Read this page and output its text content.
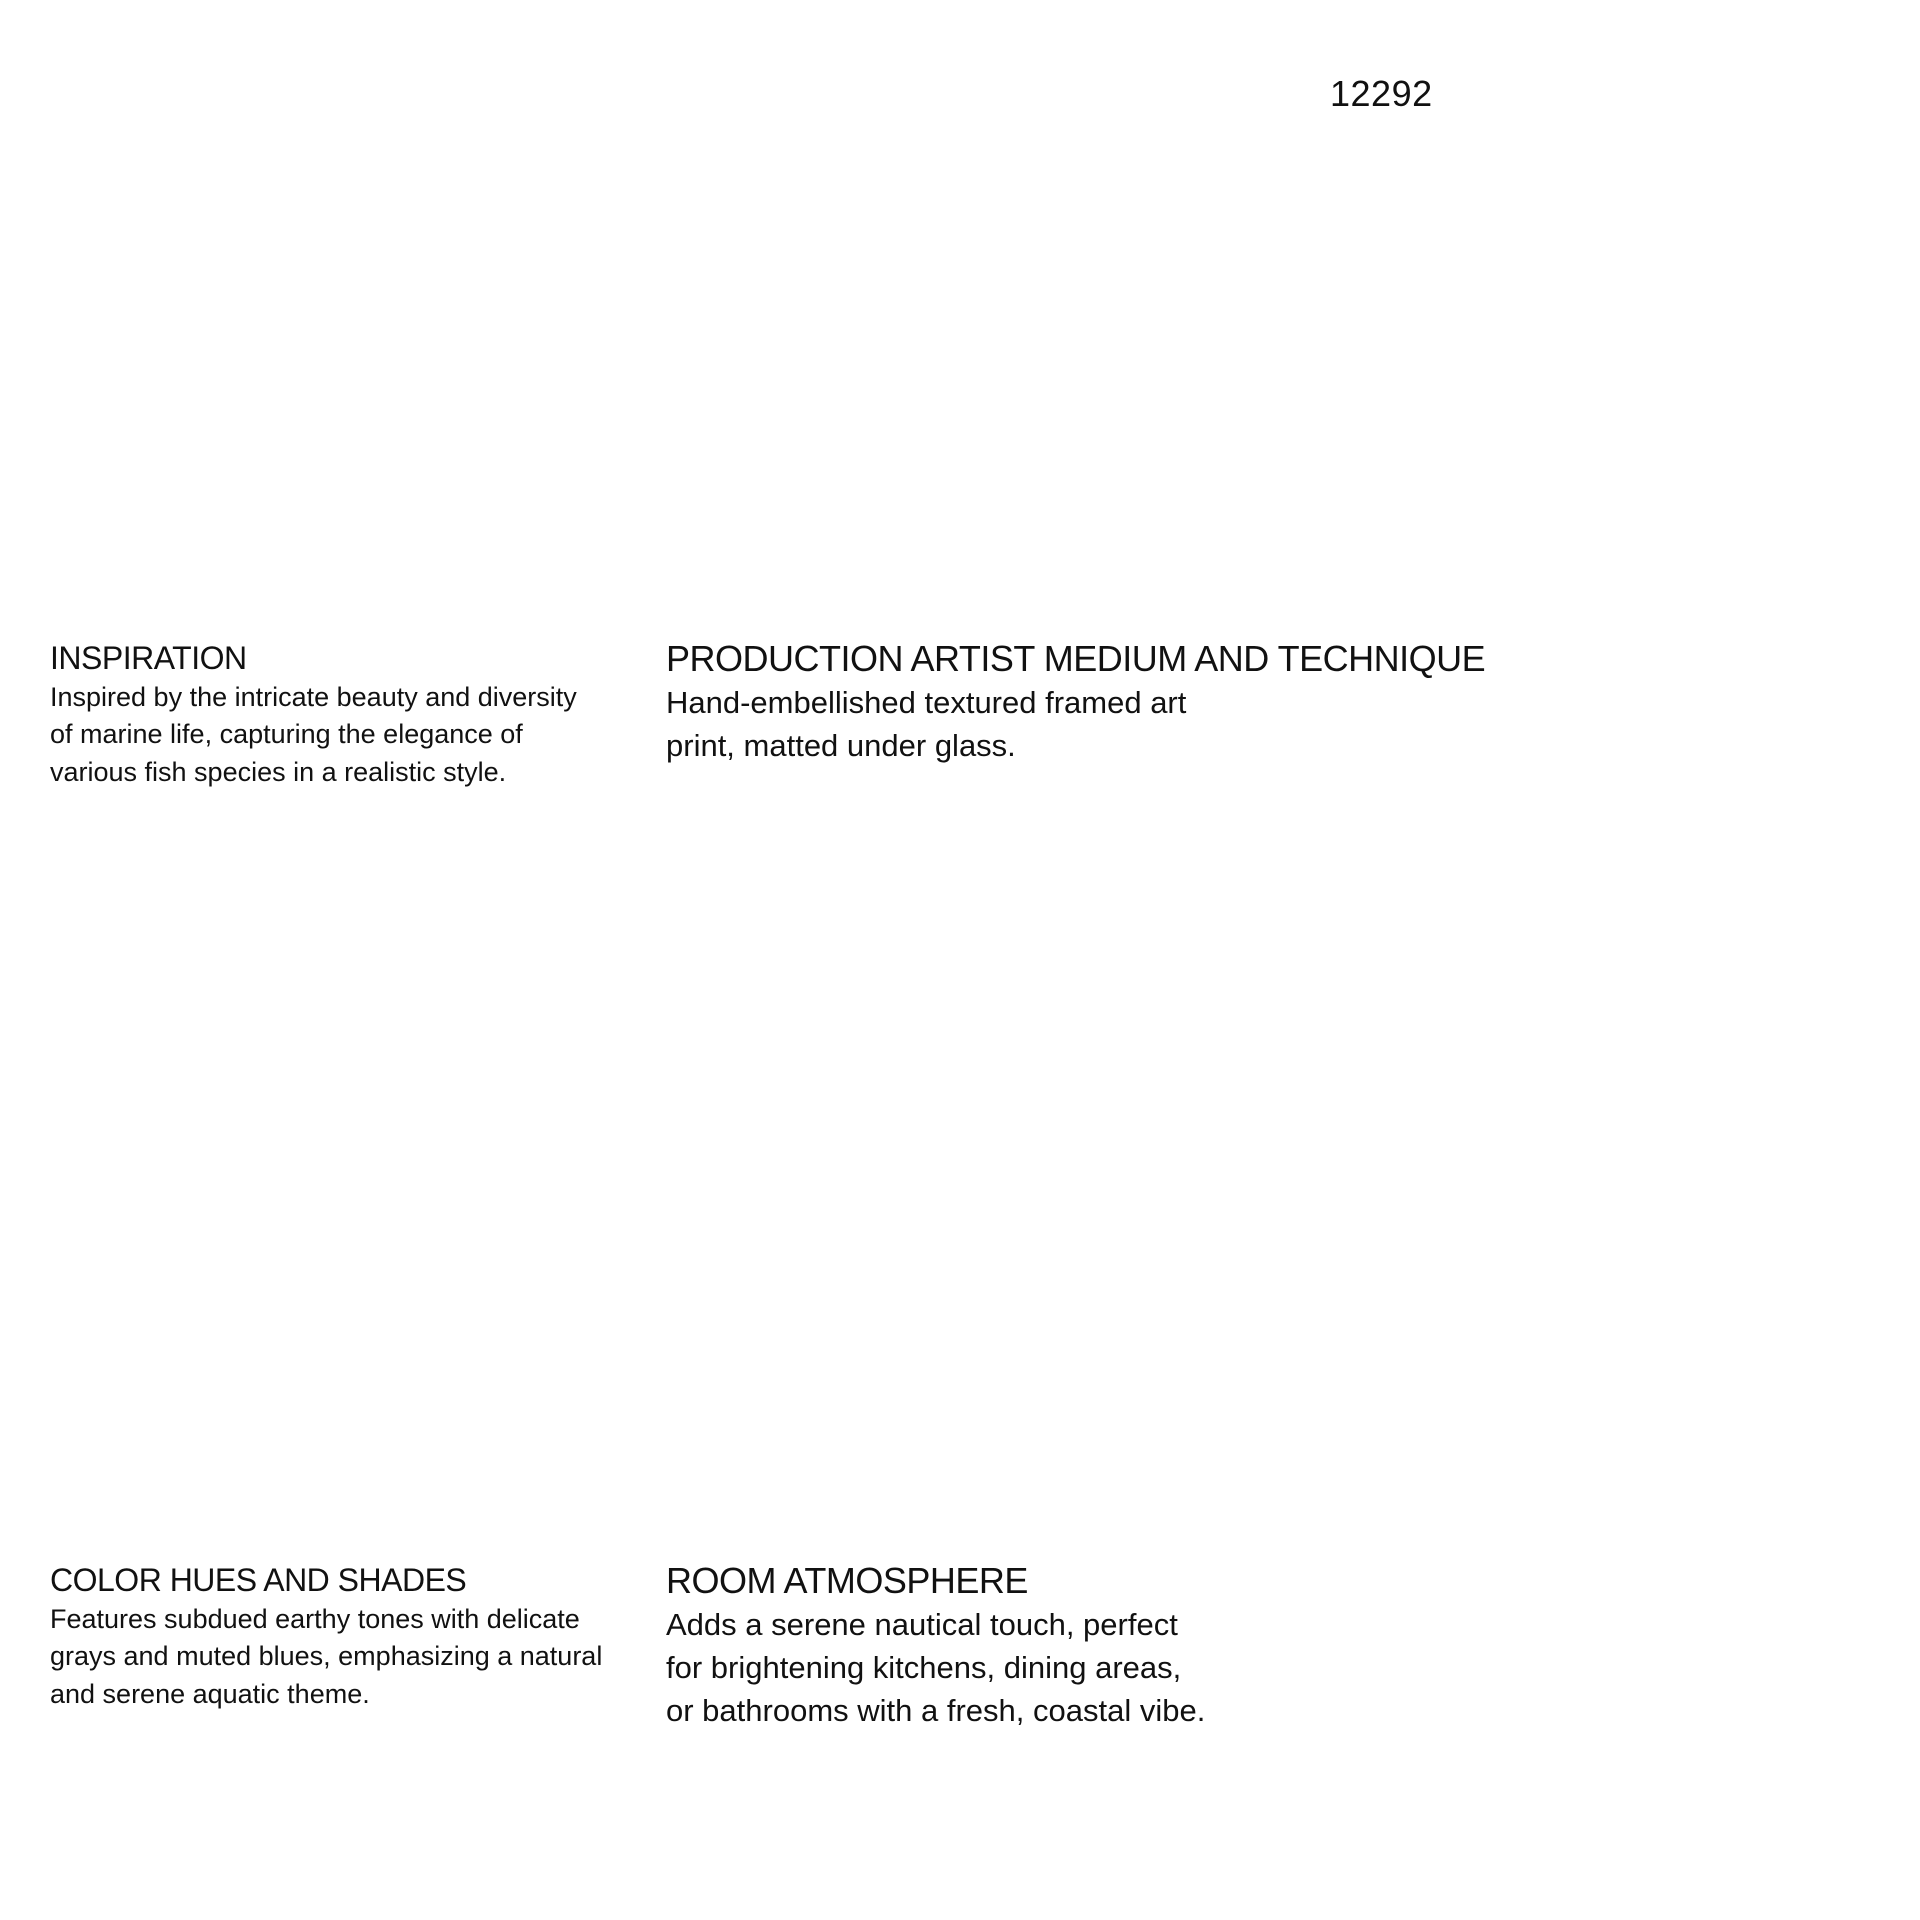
12292
INSPIRATION

Inspired by the intricate beauty and diversity
of marine life, capturing the elegance of
various fish species in a realistic style.

PRODUCTION ARTIST MEDIUM AND TECHNIQUE

Hand-embellished textured framed art
print, matted under glass.

COLOR HUES AND SHADES

Features subdued earthy tones with delicate
grays and muted blues, emphasizing a natural
and serene aquatic theme.

ROOM ATMOSPHERE

Adds a serene nautical touch, perfect
for brightening kitchens, dining areas,
or bathrooms with a fresh, coastal vibe.
